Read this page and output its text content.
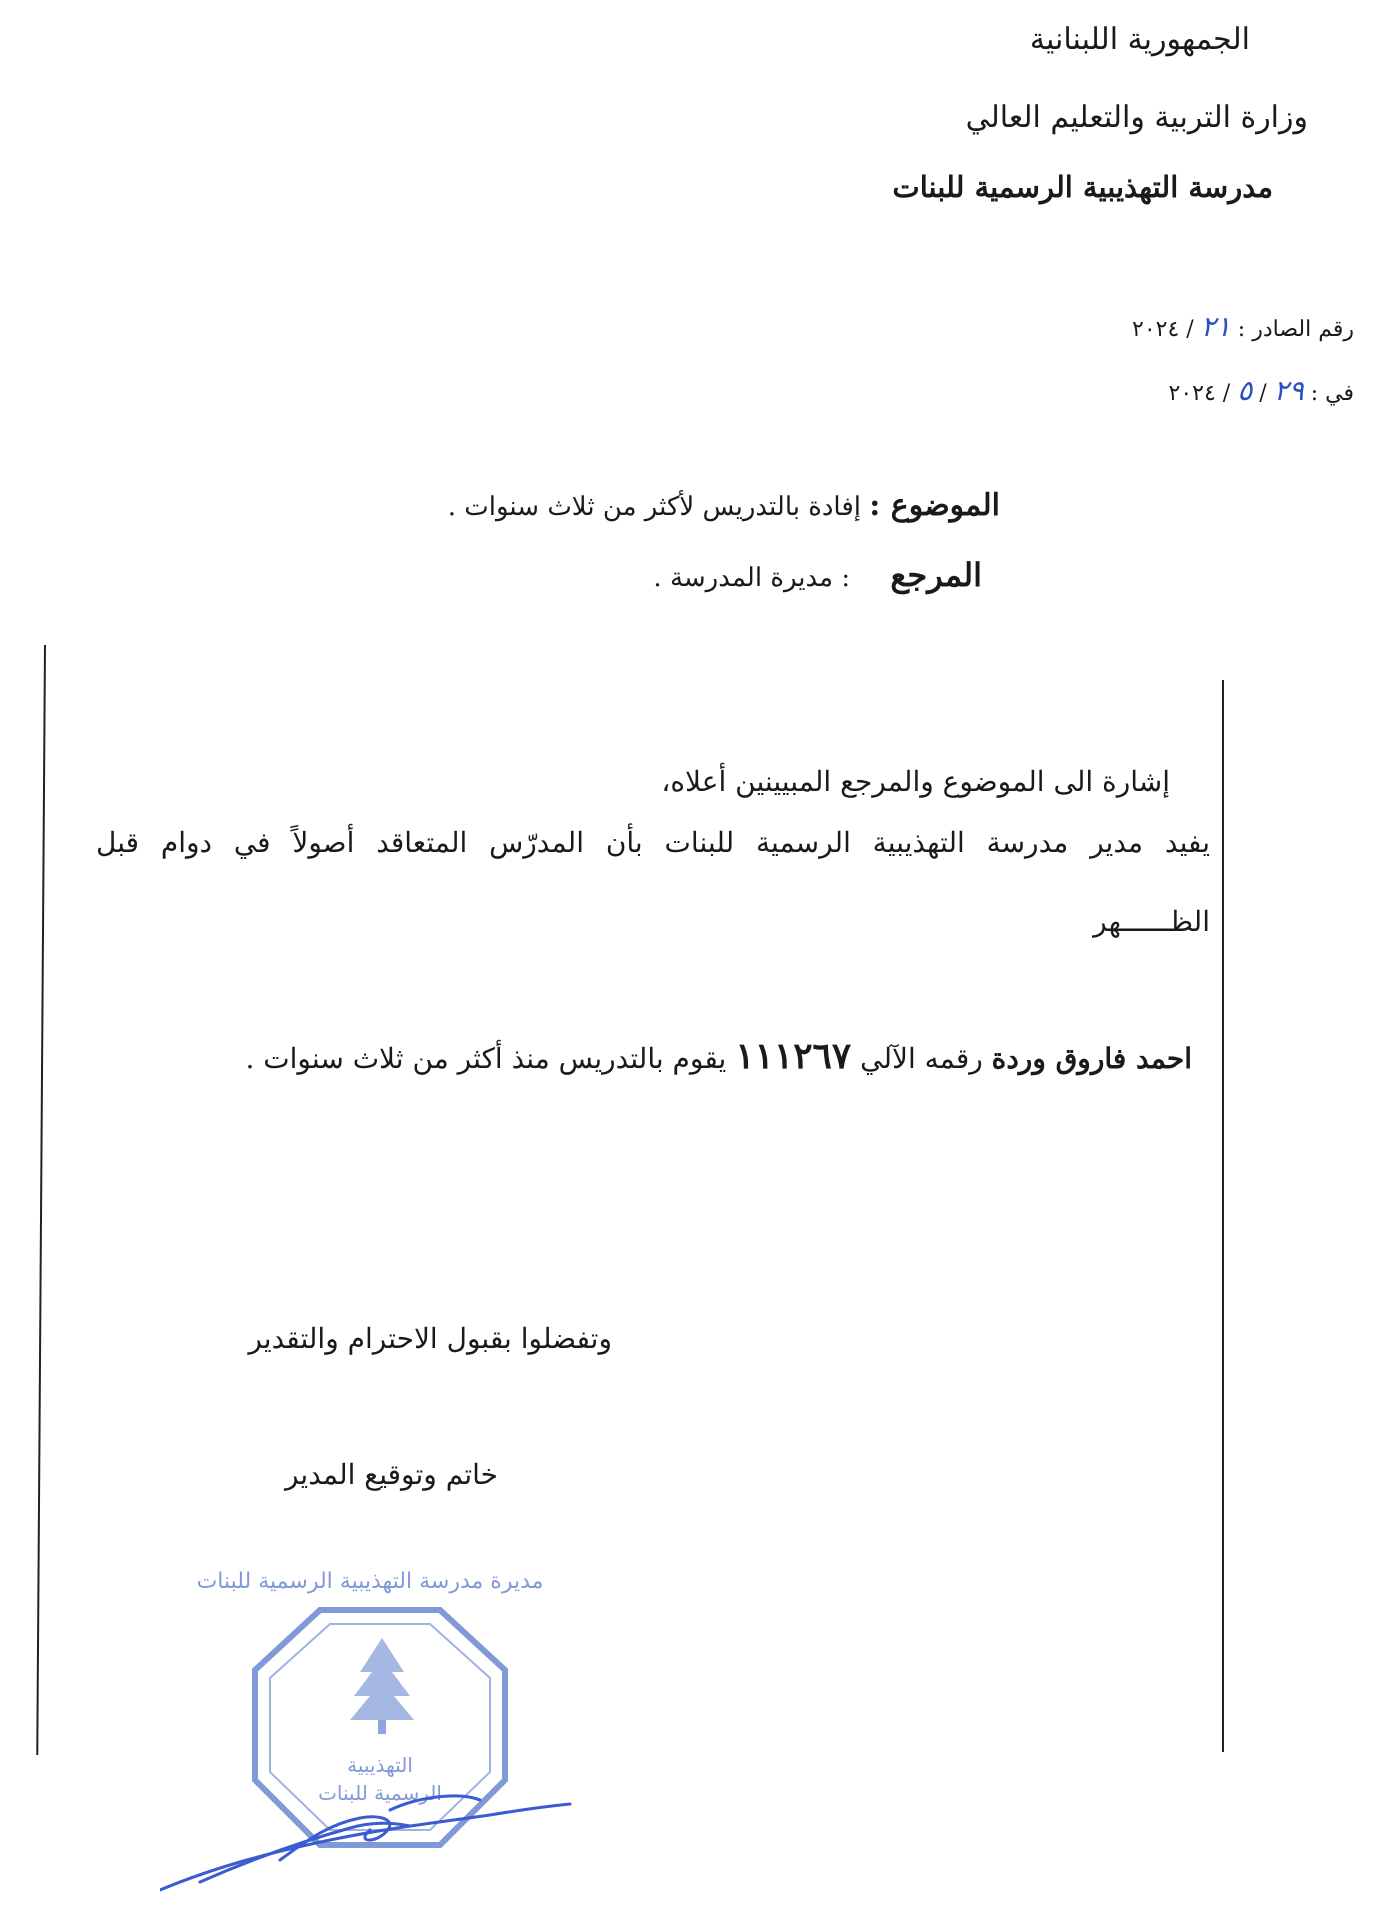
الجمهورية اللبنانية
وزارة التربية والتعليم العالي
مدرسة التهذيبية الرسمية للبنات
رقم الصادر : ٢١ / ٢٠٢٤
في : ٢٩ / ٥ / ٢٠٢٤
الموضوع : إفادة بالتدريس لأكثر من ثلاث سنوات .
المرجع : مديرة المدرسة .
إشارة الى الموضوع والمرجع المبيينين أعلاه،
يفيد مدير مدرسة التهذيبية الرسمية للبنات بأن المدرّس المتعاقد أصولاً في دوام قبل
الظــــــهر
احمد فاروق وردة رقمه الآلي ١١١٢٦٧ يقوم بالتدريس منذ أكثر من ثلاث سنوات .
وتفضلوا بقبول الاحترام والتقدير
خاتم وتوقيع المدير
مديرة مدرسة التهذيبية الرسمية للبنات
التهذيبية
الرسمية للبنات
